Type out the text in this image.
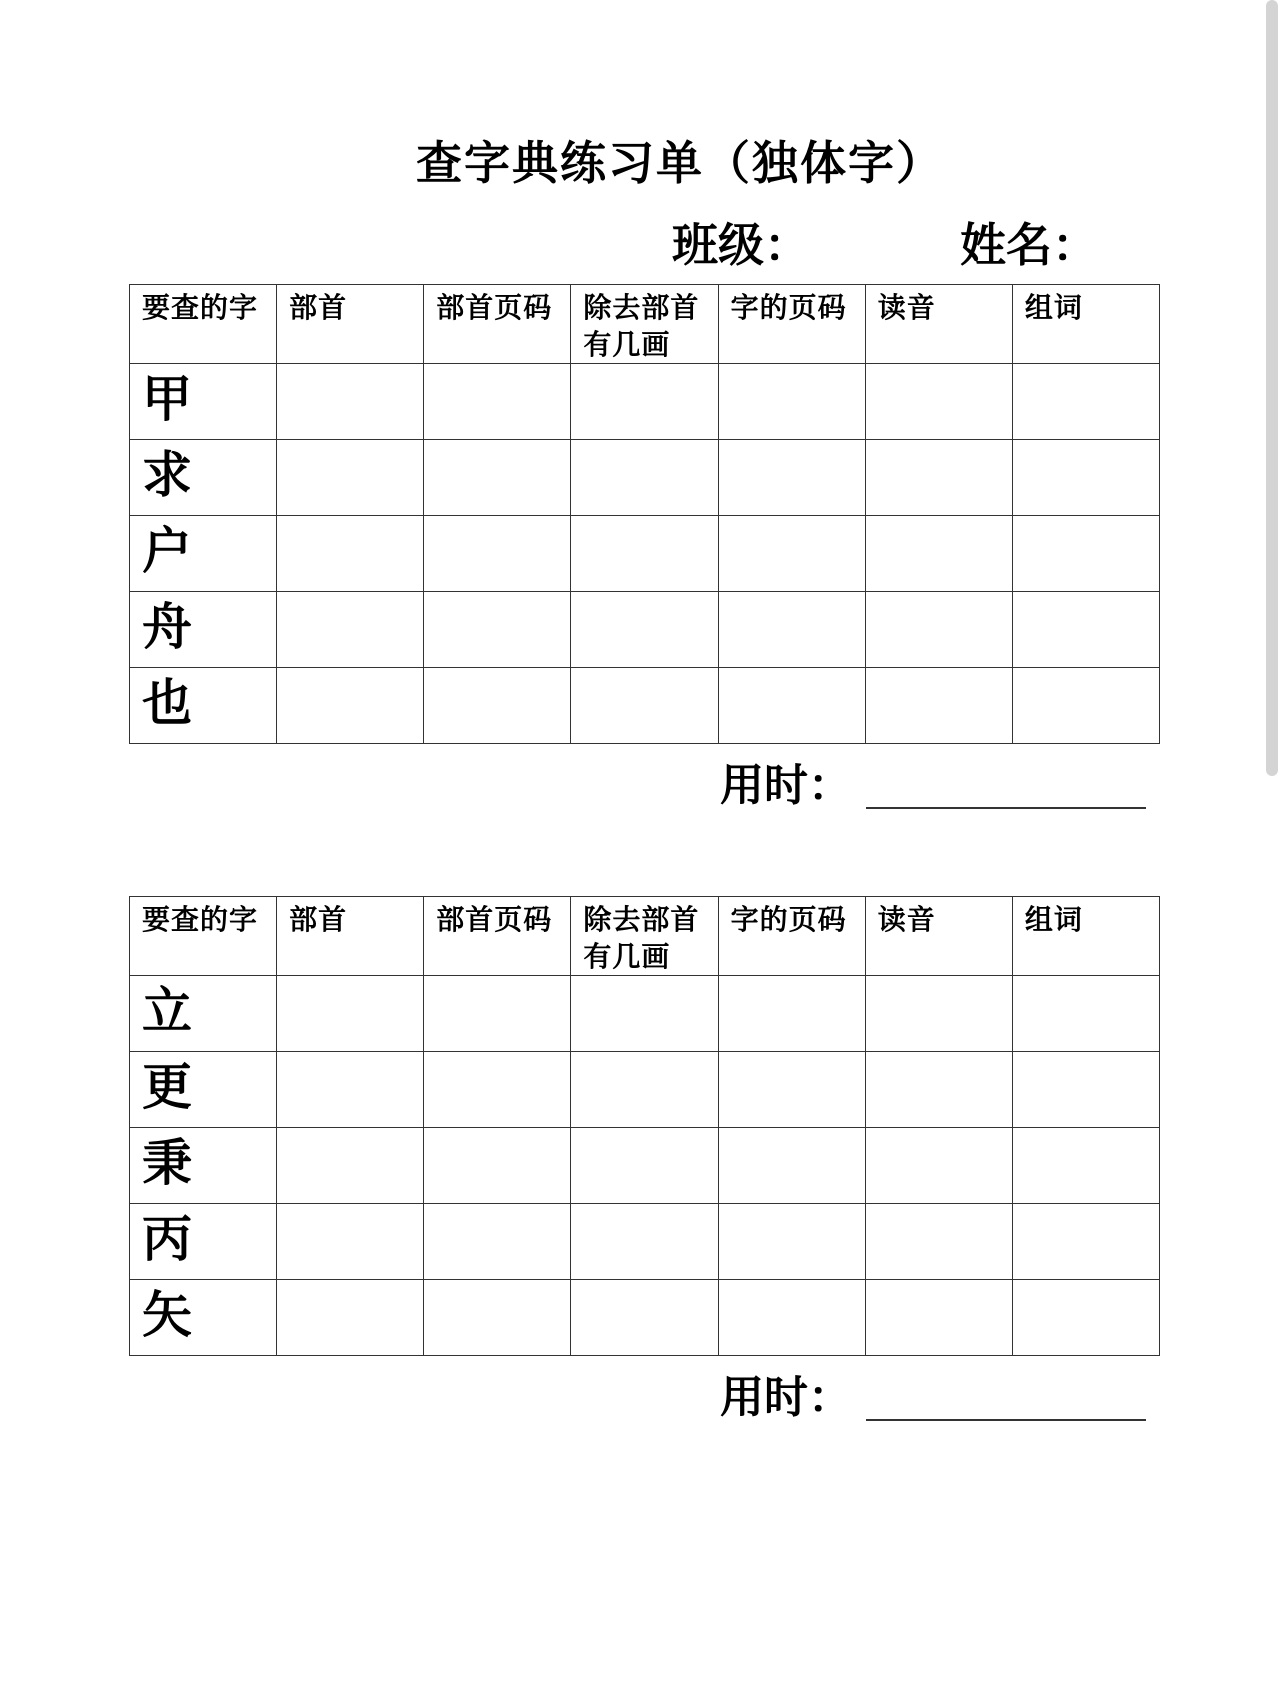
查字典练习单（独体字）
班级：	姓名：
要查的字	部首	部首页码	除去部首有几画	字的页码	读音	组词

甲						

求						

户						

舟						

也						

用时：
要查的字	部首	部首页码	除去部首有几画	字的页码	读音	组词

立						

更						

秉						

丙						

矢						

用时：
